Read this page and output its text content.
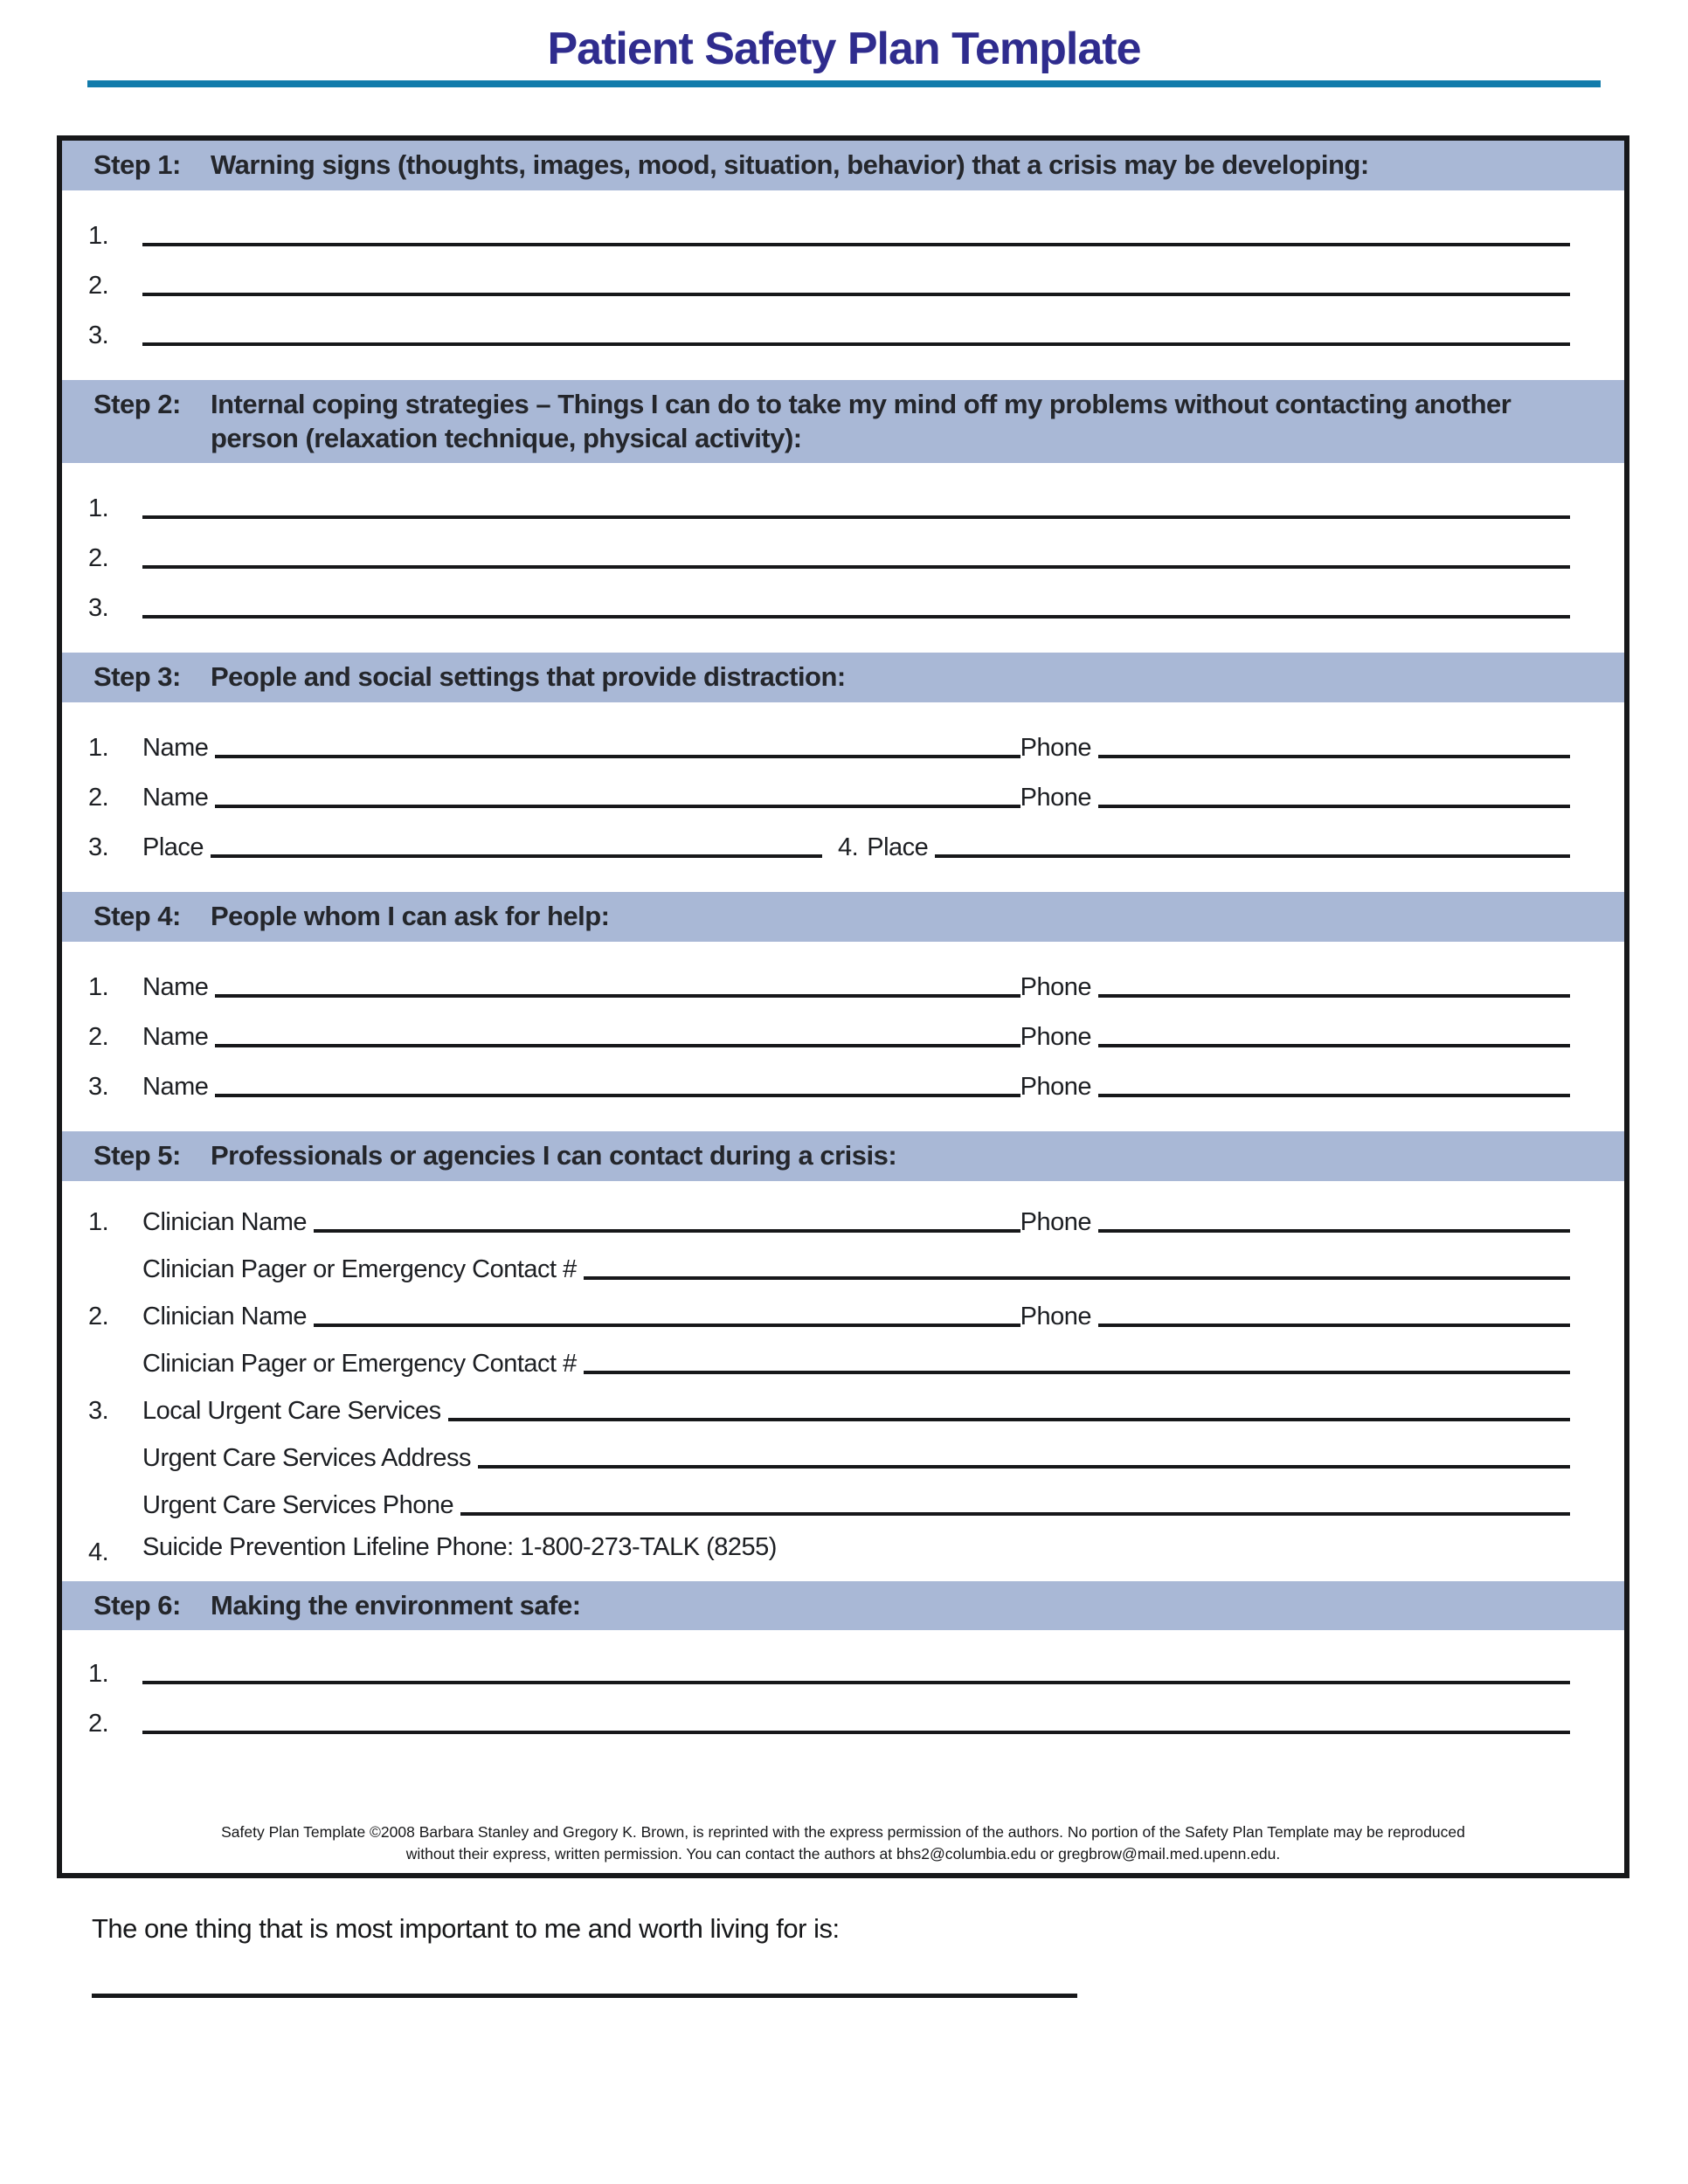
Patient Safety Plan Template
Step 1:	Warning signs (thoughts, images, mood, situation, behavior) that a crisis may be developing:
1.
2.
3.
Step 2:	Internal coping strategies – Things I can do to take my mind off my problems without contacting another person (relaxation technique, physical activity):
1.
2.
3.
Step 3:	People and social settings that provide distraction:
1.	Name	Phone
2.	Name	Phone
3.	Place	4. Place
Step 4:	People whom I can ask for help:
1.	Name	Phone
2.	Name	Phone
3.	Name	Phone
Step 5:	Professionals or agencies I can contact during a crisis:
1.	Clinician Name	Phone
Clinician Pager or Emergency Contact #
2.	Clinician Name	Phone
Clinician Pager or Emergency Contact #
3.	Local Urgent Care Services
Urgent Care Services Address
Urgent Care Services Phone
4.	Suicide Prevention Lifeline Phone: 1-800-273-TALK (8255)
Step 6:	Making the environment safe:
1.
2.
Safety Plan Template ©2008 Barbara Stanley and Gregory K. Brown, is reprinted with the express permission of the authors. No portion of the Safety Plan Template may be reproduced
without their express, written permission. You can contact the authors at bhs2@columbia.edu or gregbrow@mail.med.upenn.edu.
The one thing that is most important to me and worth living for is:
